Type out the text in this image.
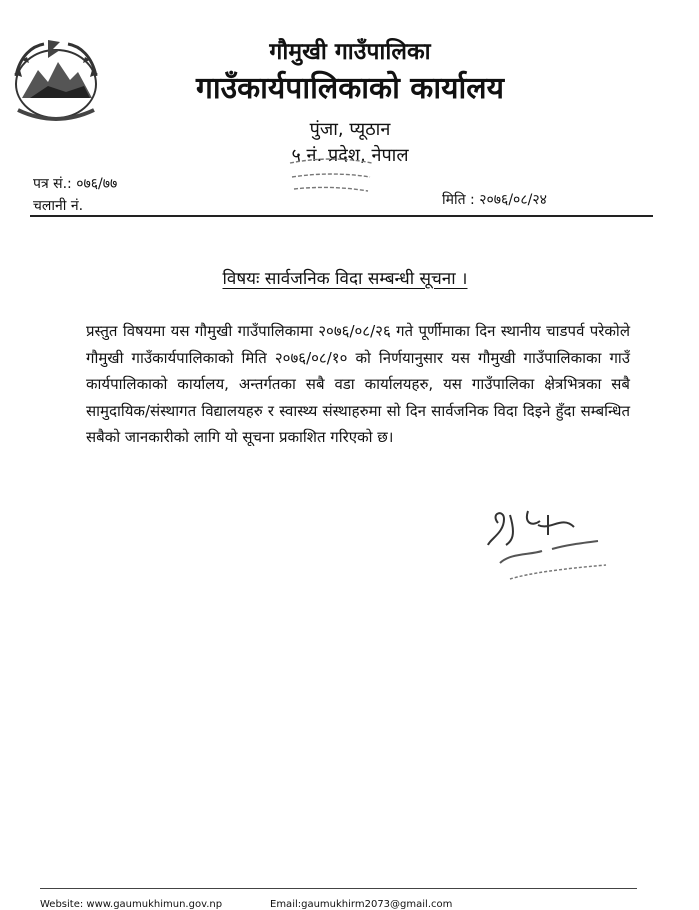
गौमुखी गाउँपालिका
गाउँकार्यपालिकाको कार्यालय
पुंजा, प्यूठान
५ नं. प्रदेश, नेपाल
पत्र सं.: ०७६/७७
चलानी नं.	मिति : २०७६/०८/२४
विषयः सार्वजनिक विदा सम्बन्धी सूचना ।
प्रस्तुत विषयमा यस गौमुखी गाउँपालिकामा २०७६/०८/२६ गते पूर्णीमाका दिन स्थानीय चाडपर्व परेकोले गौमुखी गाउँकार्यपालिकाको मिति २०७६/०८/१० को निर्णयानुसार यस गौमुखी गाउँपालिकाका गाउँ कार्यपालिकाको कार्यालय, अन्तर्गतका सबै वडा कार्यालयहरु, यस गाउँपालिका क्षेत्रभित्रका सबै सामुदायिक/संस्थागत विद्यालयहरु र स्वास्थ्य संस्थाहरुमा सो दिन सार्वजनिक विदा दिइने हुँदा सम्बन्धित सबैको जानकारीको लागि यो सूचना प्रकाशित गरिएको छ।
Website: www.gaumukhimun.gov.np	Email:gaumukhirm2073@gmail.com
